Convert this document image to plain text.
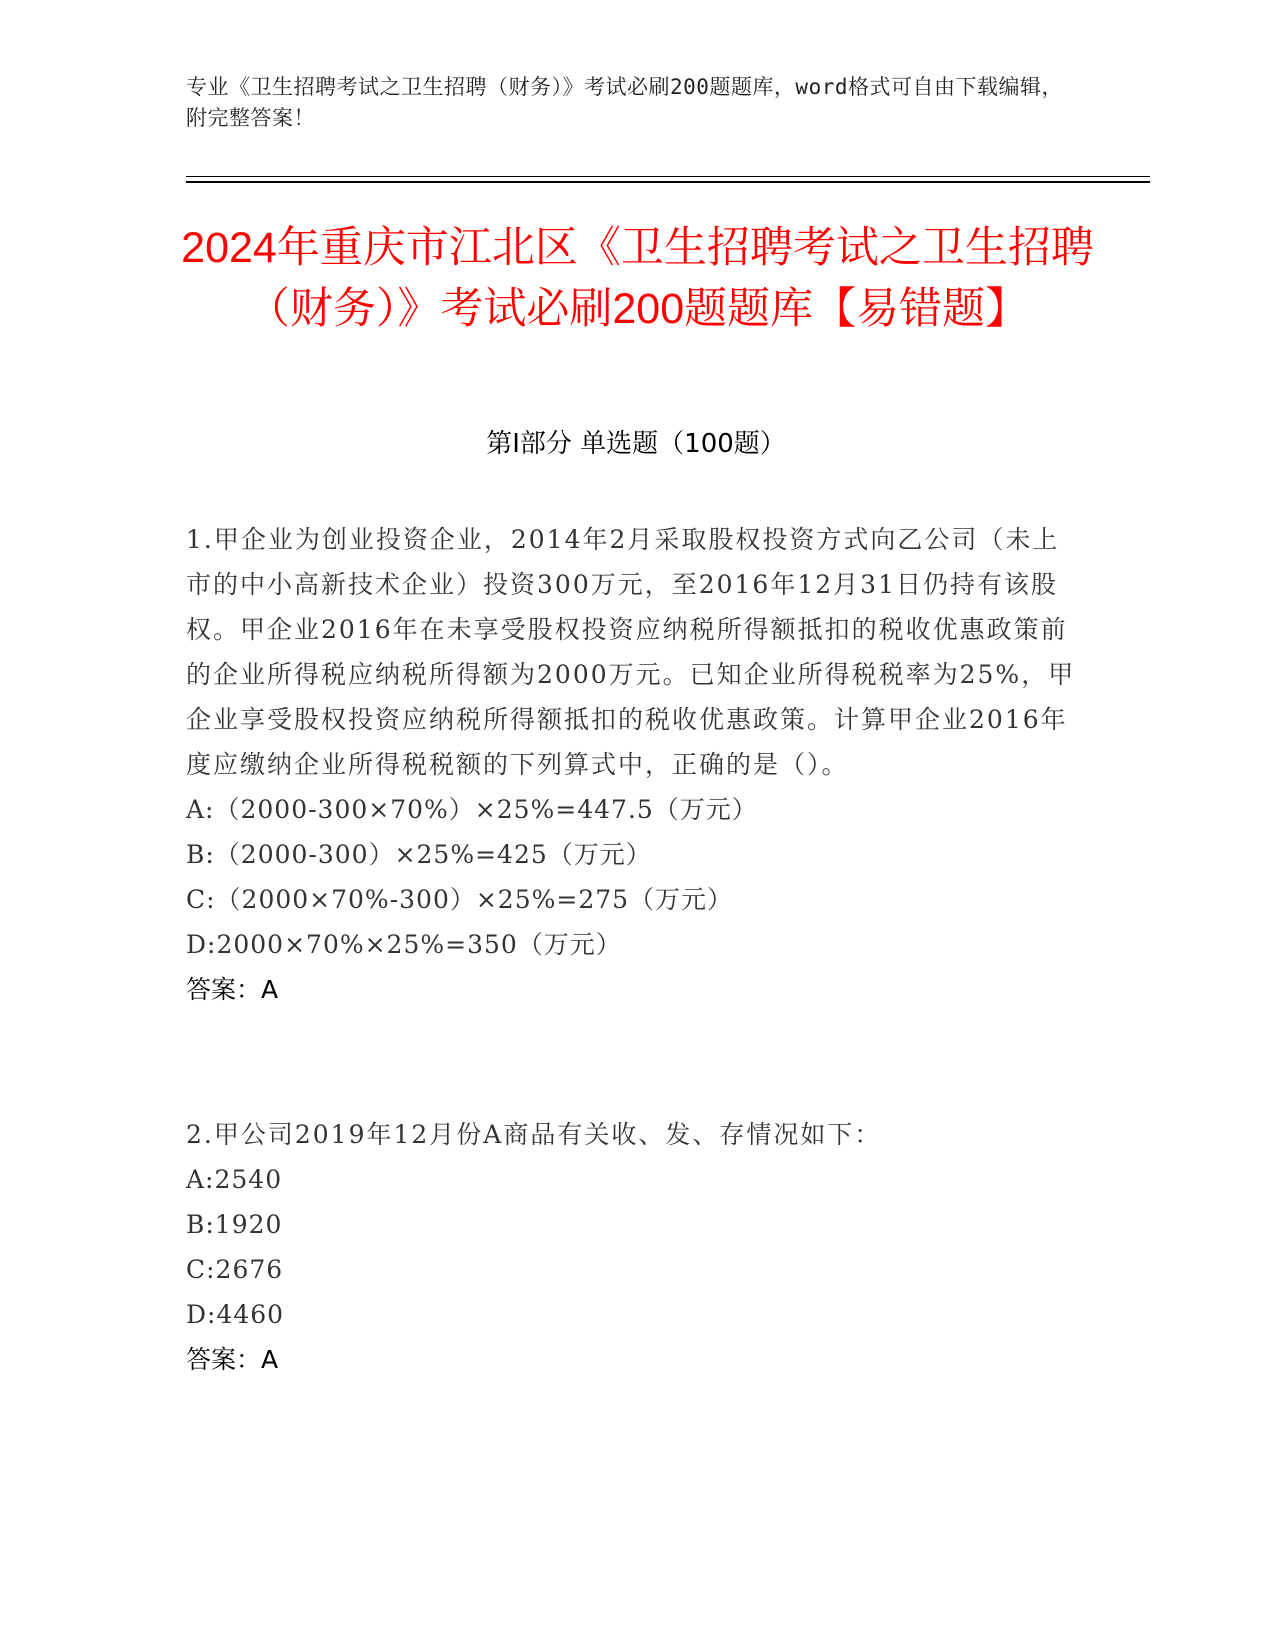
专业《卫生招聘考试之卫生招聘（财务）》考试必刷200题题库，word格式可自由下载编辑，附完整答案！
2024年重庆市江北区《卫生招聘考试之卫生招聘（财务）》考试必刷200题题库【易错题】
第Ⅰ部分 单选题（100题）

1.甲企业为创业投资企业，2014年2月采取股权投资方式向乙公司（未上市的中小高新技术企业）投资300万元，至2016年12月31日仍持有该股权。甲企业2016年在未享受股权投资应纳税所得额抵扣的税收优惠政策前的企业所得税应纳税所得额为2000万元。已知企业所得税税率为25%，甲企业享受股权投资应纳税所得额抵扣的税收优惠政策。计算甲企业2016年度应缴纳企业所得税税额的下列算式中，正确的是（）。

A:（2000-300×70%）×25%=447.5（万元）

B:（2000-300）×25%=425（万元）

C:（2000×70%-300）×25%=275（万元）

D:2000×70%×25%=350（万元）

答案：A

2.甲公司2019年12月份A商品有关收、发、存情况如下：

A:2540

B:1920

C:2676

D:4460

答案：A
